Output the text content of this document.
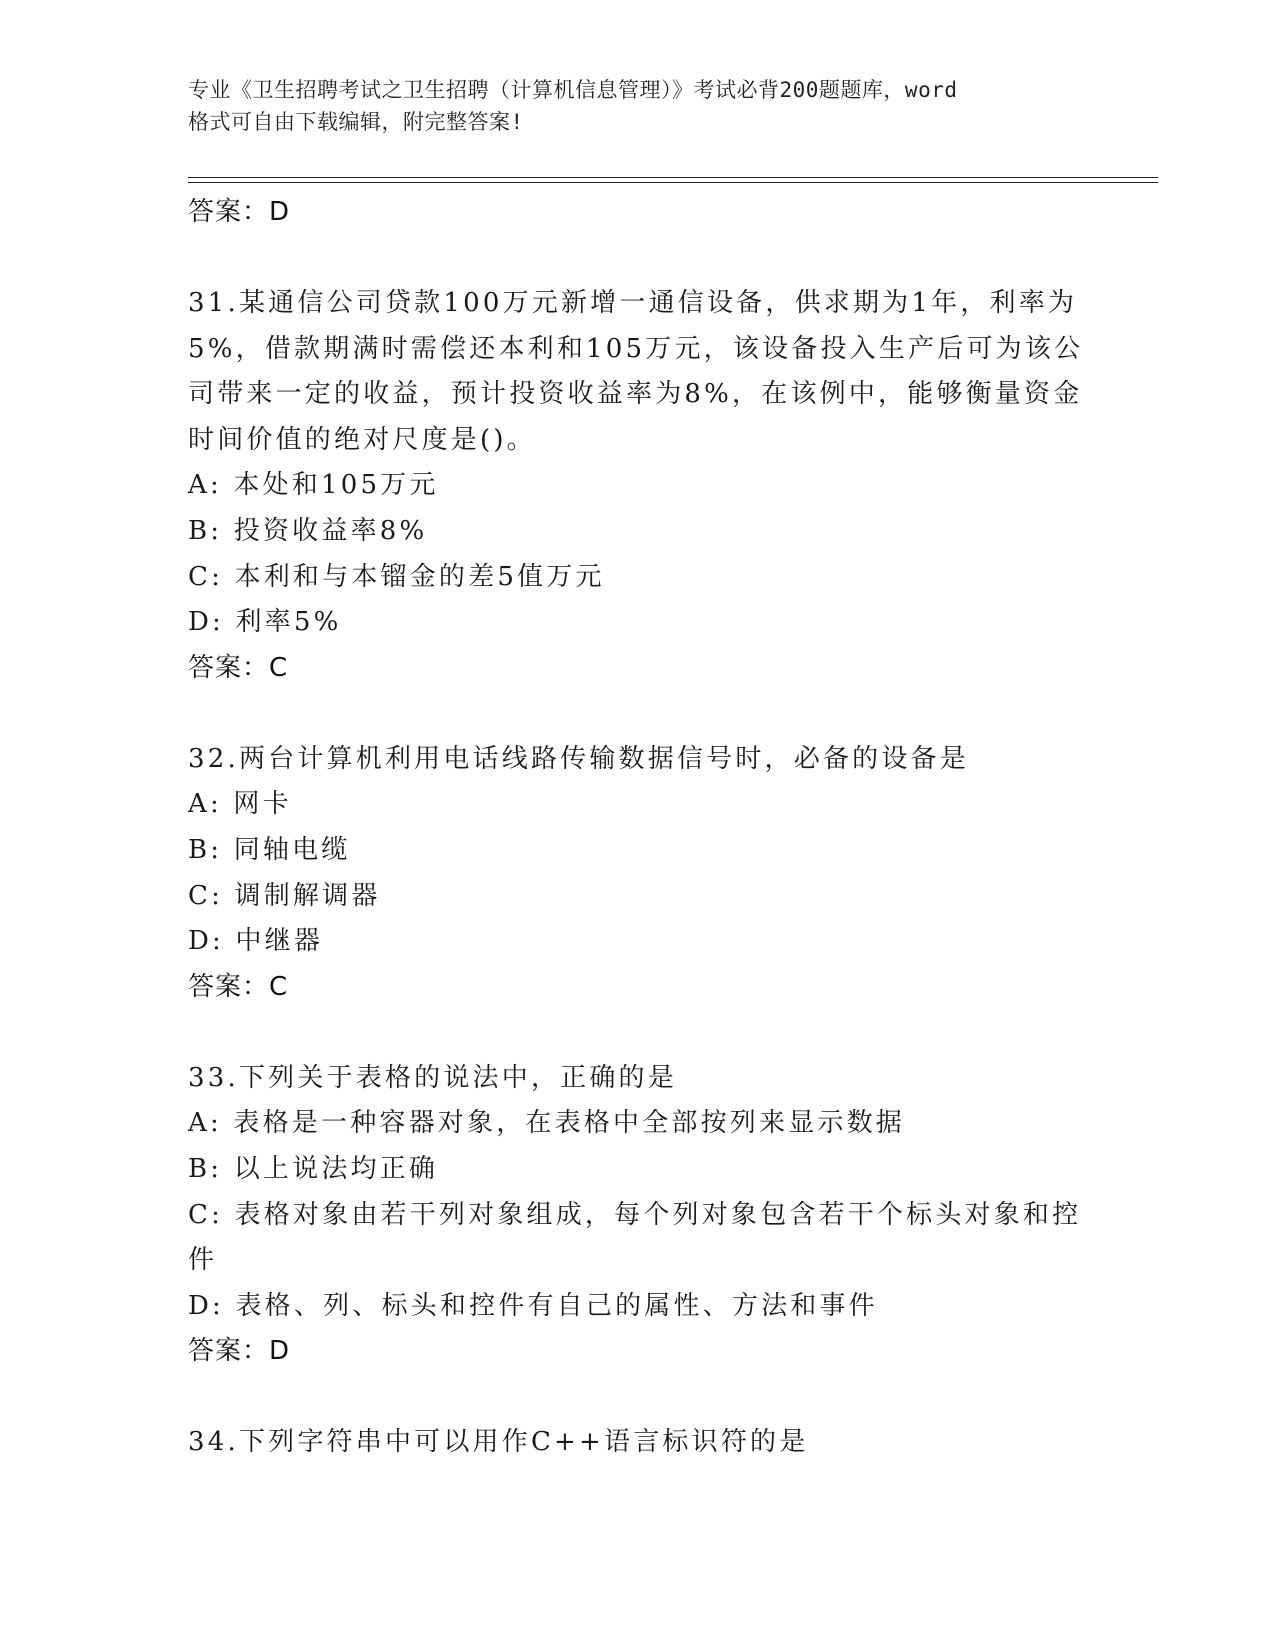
专业《卫生招聘考试之卫生招聘（计算机信息管理）》考试必背200题题库，word
格式可自由下载编辑，附完整答案!
答案：D
31.某通信公司贷款100万元新增一通信设备，供求期为1年，利率为
5%，借款期满时需偿还本利和105万元，该设备投入生产后可为该公
司带来一定的收益，预计投资收益率为8%，在该例中，能够衡量资金
时间价值的绝对尺度是()。
A: 本处和105万元
B: 投资收益率8%
C: 本利和与本镏金的差5值万元
D: 利率5%
答案：C
32.两台计算机利用电话线路传输数据信号时，必备的设备是
A: 网卡
B: 同轴电缆
C: 调制解调器
D: 中继器
答案：C
33.下列关于表格的说法中，正确的是
A: 表格是一种容器对象，在表格中全部按列来显示数据
B: 以上说法均正确
C: 表格对象由若干列对象组成，每个列对象包含若干个标头对象和控
件
D: 表格、列、标头和控件有自己的属性、方法和事件
答案：D
34.下列字符串中可以用作C++语言标识符的是
